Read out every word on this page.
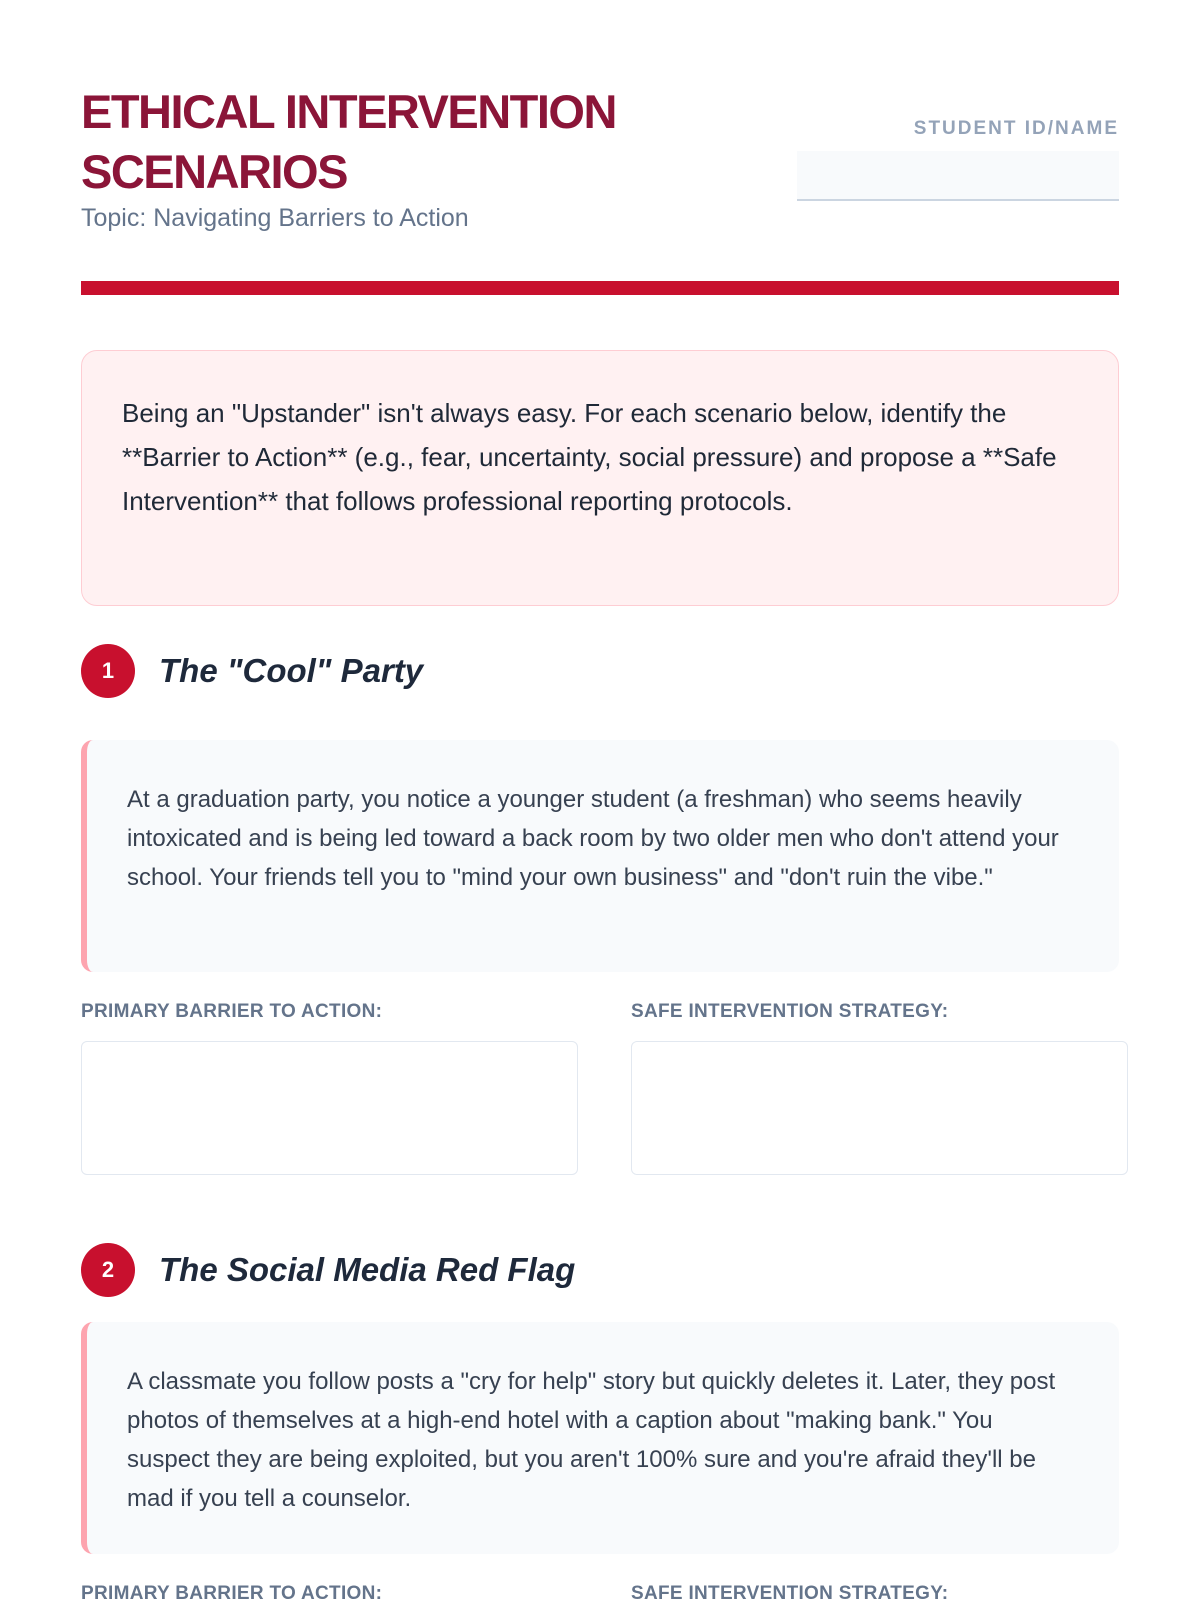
ETHICAL INTERVENTION SCENARIOS

Topic: Navigating Barriers to Action

STUDENT ID/NAME
Being an "Upstander" isn't always easy. For each scenario below, identify the **Barrier to Action** (e.g., fear, uncertainty, social pressure) and propose a **Safe Intervention** that follows professional reporting protocols.
1	The "Cool" Party
At a graduation party, you notice a younger student (a freshman) who seems heavily intoxicated and is being led toward a back room by two older men who don't attend your school. Your friends tell you to "mind your own business" and "don't ruin the vibe."
PRIMARY BARRIER TO ACTION:	SAFE INTERVENTION STRATEGY:
2	The Social Media Red Flag
A classmate you follow posts a "cry for help" story but quickly deletes it. Later, they post photos of themselves at a high-end hotel with a caption about "making bank." You suspect they are being exploited, but you aren't 100% sure and you're afraid they'll be mad if you tell a counselor.
PRIMARY BARRIER TO ACTION:	SAFE INTERVENTION STRATEGY:
